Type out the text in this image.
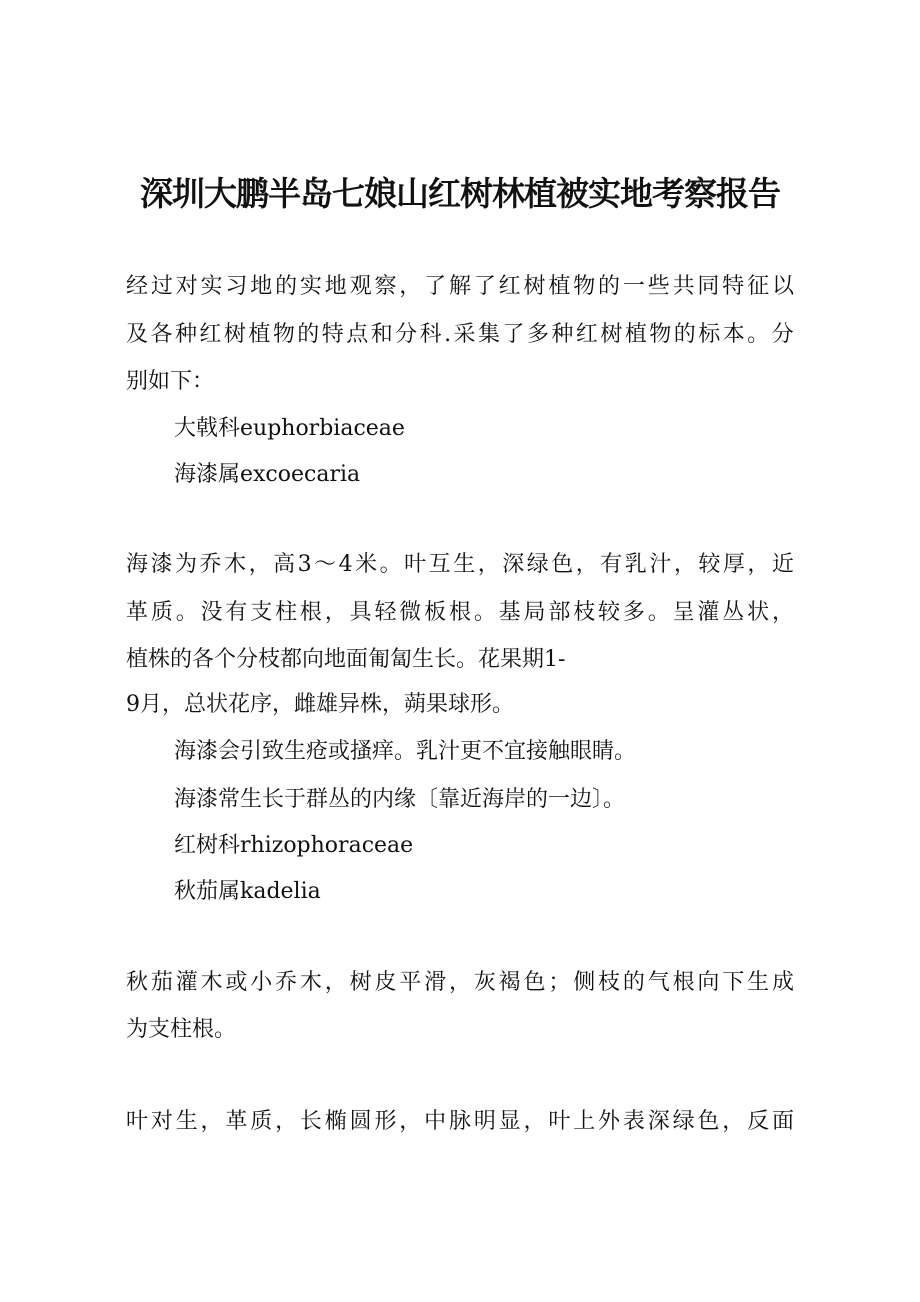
深圳大鹏半岛七娘山红树林植被实地考察报告
经 过 对 实 习 地 的 实 地 观 察 ， 了 解 了 红 树 植 物 的 一 些 共 同 特 征 以
及 各 种 红 树 植 物 的 特 点 和 分 科 . 采 集 了 多 种 红 树 植 物 的 标 本 。 分
别如下：
大戟科euphorbiaceae
海漆属excoecaria
海 漆 为 乔 木 ， 高 3 ～ 4 米 。 叶 互 生 ， 深 绿 色 ， 有 乳 汁 ， 较 厚 ， 近
革 质 。 没 有 支 柱 根 ， 具 轻 微 板 根 。 基 局 部 枝 较 多 。 呈 灌 丛 状 ，
植株的各个分枝都向地面匍匐生长。花果期1-
9月，总状花序，雌雄异株，蒴果球形。
海漆会引致生疮或搔痒。乳汁更不宜接触眼睛。
海漆常生长于群丛的内缘〔靠近海岸的一边〕。
红树科rhizophoraceae
秋茄属kadelia
秋 茄 灌 木 或 小 乔 木 ， 树 皮 平 滑 ， 灰 褐 色 ； 侧 枝 的 气 根 向 下 生 成
为支柱根。
叶 对 生 ， 革 质 ， 长 椭 圆 形 ， 中 脉 明 显 ， 叶 上 外 表 深 绿 色 ， 反 面
